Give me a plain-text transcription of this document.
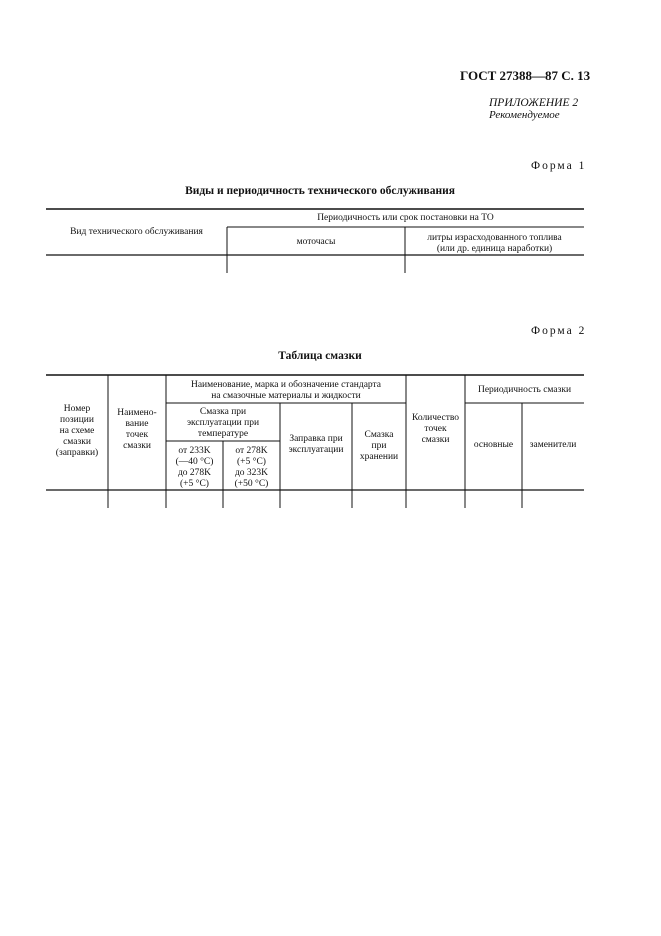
ГОСТ 27388—87 С. 13
ПРИЛОЖЕНИЕ 2
Рекомендуемое
Форма 1
Виды и периодичность технического обслуживания
Вид технического обслуживания
Периодичность или срок постановки на ТО
моточасы	литры израсходованного топлива
(или др. единица наработки)
Форма 2
Таблица смазки
Номер
позиции
на схеме
смазки
(заправки)
Наимено-
вание
точек
смазки
Наименование, марка и обозначение стандарта
на смазочные материалы и жидкости
Смазка при
эксплуатации при
температуре
от 233K
(—40 °C)
до 278K
(+5 °C)
от 278K
(+5 °C)
до 323K
(+50 °C)
Заправка при
эксплуатации
Смазка
при
хранении
Количество
точек
смазки
Периодичность смазки
основные	заменители
